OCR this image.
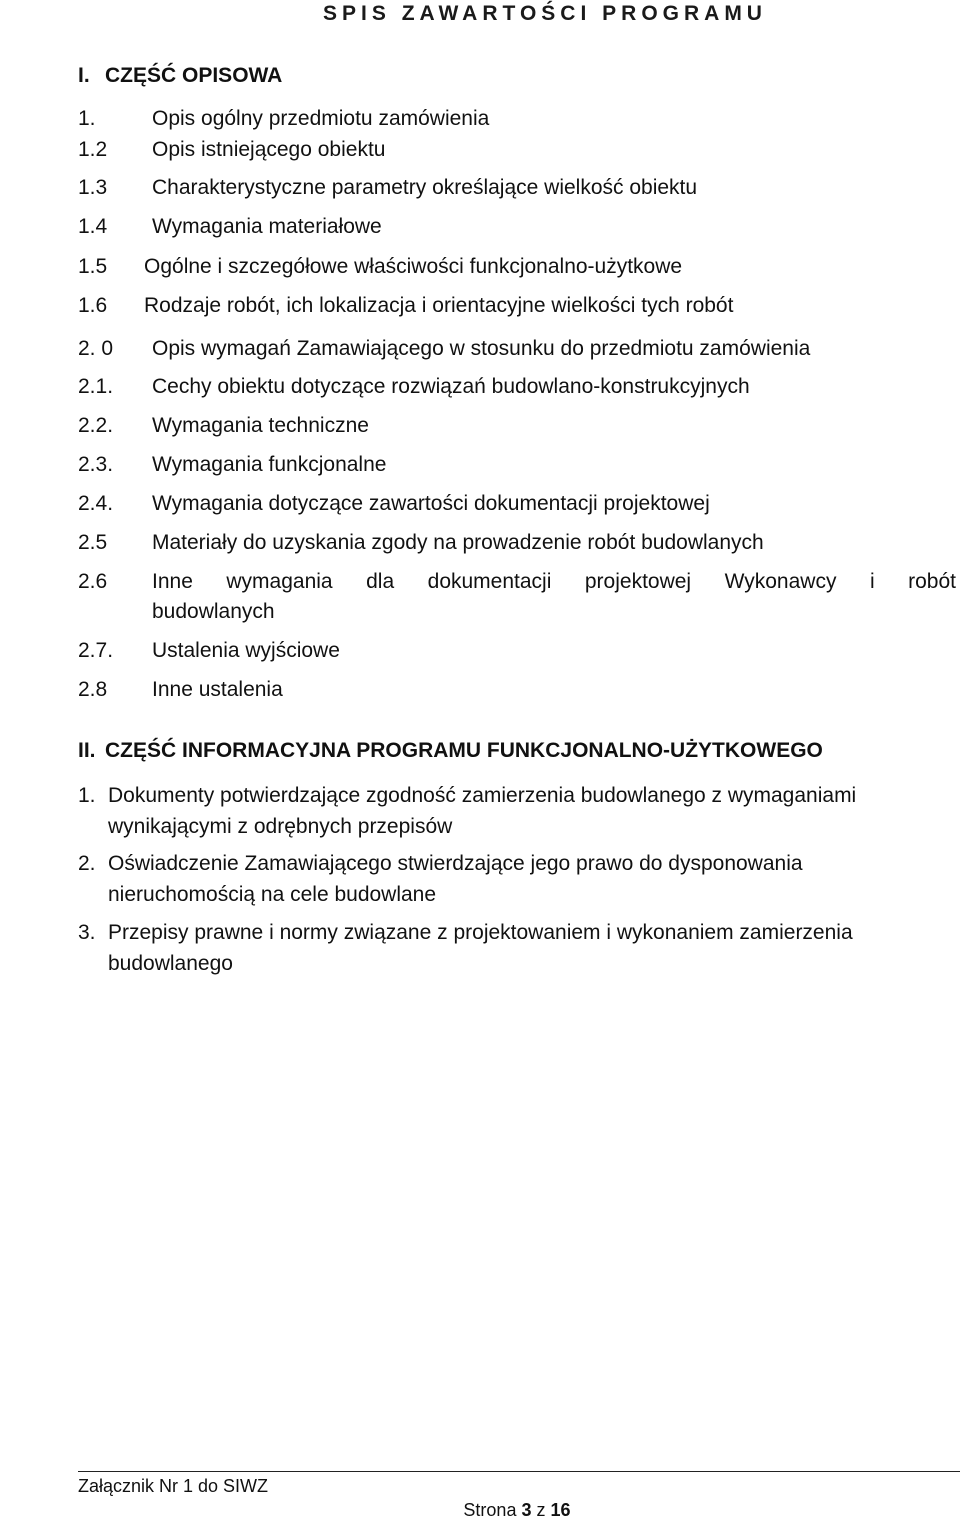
SPIS ZAWARTOŚCI PROGRAMU
I. CZĘŚĆ OPISOWA
1.	Opis ogólny przedmiotu zamówienia
1.2	Opis istniejącego obiektu
1.3	Charakterystyczne parametry określające wielkość obiektu
1.4	Wymagania materiałowe
1.5	Ogólne i szczegółowe właściwości funkcjonalno-użytkowe
1.6	Rodzaje robót, ich lokalizacja i orientacyjne wielkości tych robót
2. 0	Opis wymagań Zamawiającego w stosunku do przedmiotu zamówienia
2.1.	Cechy obiektu dotyczące rozwiązań budowlano-konstrukcyjnych
2.2.	Wymagania techniczne
2.3.	Wymagania funkcjonalne
2.4.	Wymagania dotyczące zawartości dokumentacji projektowej
2.5	Materiały do uzyskania zgody na prowadzenie robót budowlanych
2.6	Inne wymagania dla dokumentacji projektowej Wykonawcy i robót
budowlanych
2.7.	Ustalenia wyjściowe
2.8	Inne ustalenia
II. CZĘŚĆ INFORMACYJNA PROGRAMU FUNKCJONALNO-UŻYTKOWEGO
1. Dokumenty potwierdzające zgodność zamierzenia budowlanego z wymaganiami
wynikającymi z odrębnych przepisów
2. Oświadczenie Zamawiającego stwierdzające jego prawo do dysponowania
nieruchomością na cele budowlane
3. Przepisy prawne i normy związane z projektowaniem i wykonaniem zamierzenia
budowlanego
Załącznik Nr 1 do SIWZ
Strona 3 z 16
